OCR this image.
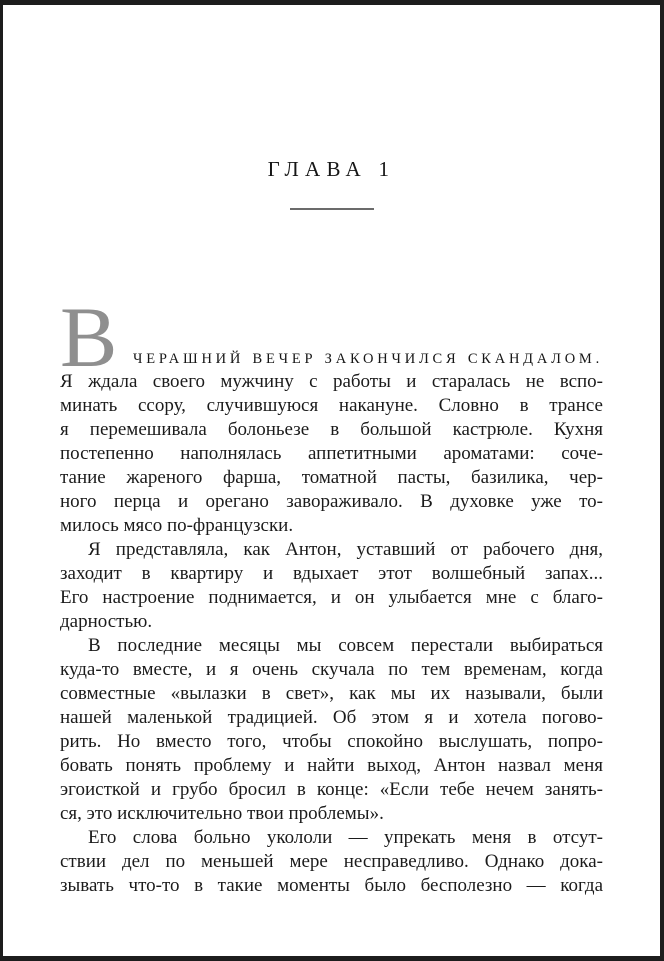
ГЛАВА 1
В ЧЕРАШНИЙ ВЕЧЕР ЗАКОНЧИЛСЯ СКАНДАЛОМ.
Я ждала своего мужчину с работы и старалась не вспо-
минать ссору, случившуюся накануне. Словно в трансе
я перемешивала болоньезе в большой кастрюле. Кухня
постепенно наполнялась аппетитными ароматами: соче-
тание жареного фарша, томатной пасты, базилика, чер-
ного перца и орегано завораживало. В духовке уже то-
милось мясо по-французски.
Я представляла, как Антон, уставший от рабочего дня,
заходит в квартиру и вдыхает этот волшебный запах...
Его настроение поднимается, и он улыбается мне с благо-
дарностью.
В последние месяцы мы совсем перестали выбираться
куда-то вместе, и я очень скучала по тем временам, когда
совместные «вылазки в свет», как мы их называли, были
нашей маленькой традицией. Об этом я и хотела погово-
рить. Но вместо того, чтобы спокойно выслушать, попро-
бовать понять проблему и найти выход, Антон назвал меня
эгоисткой и грубо бросил в конце: «Если тебе нечем занять-
ся, это исключительно твои проблемы».
Его слова больно укололи — упрекать меня в отсут-
ствии дел по меньшей мере несправедливо. Однако дока-
зывать что-то в такие моменты было бесполезно — когда
